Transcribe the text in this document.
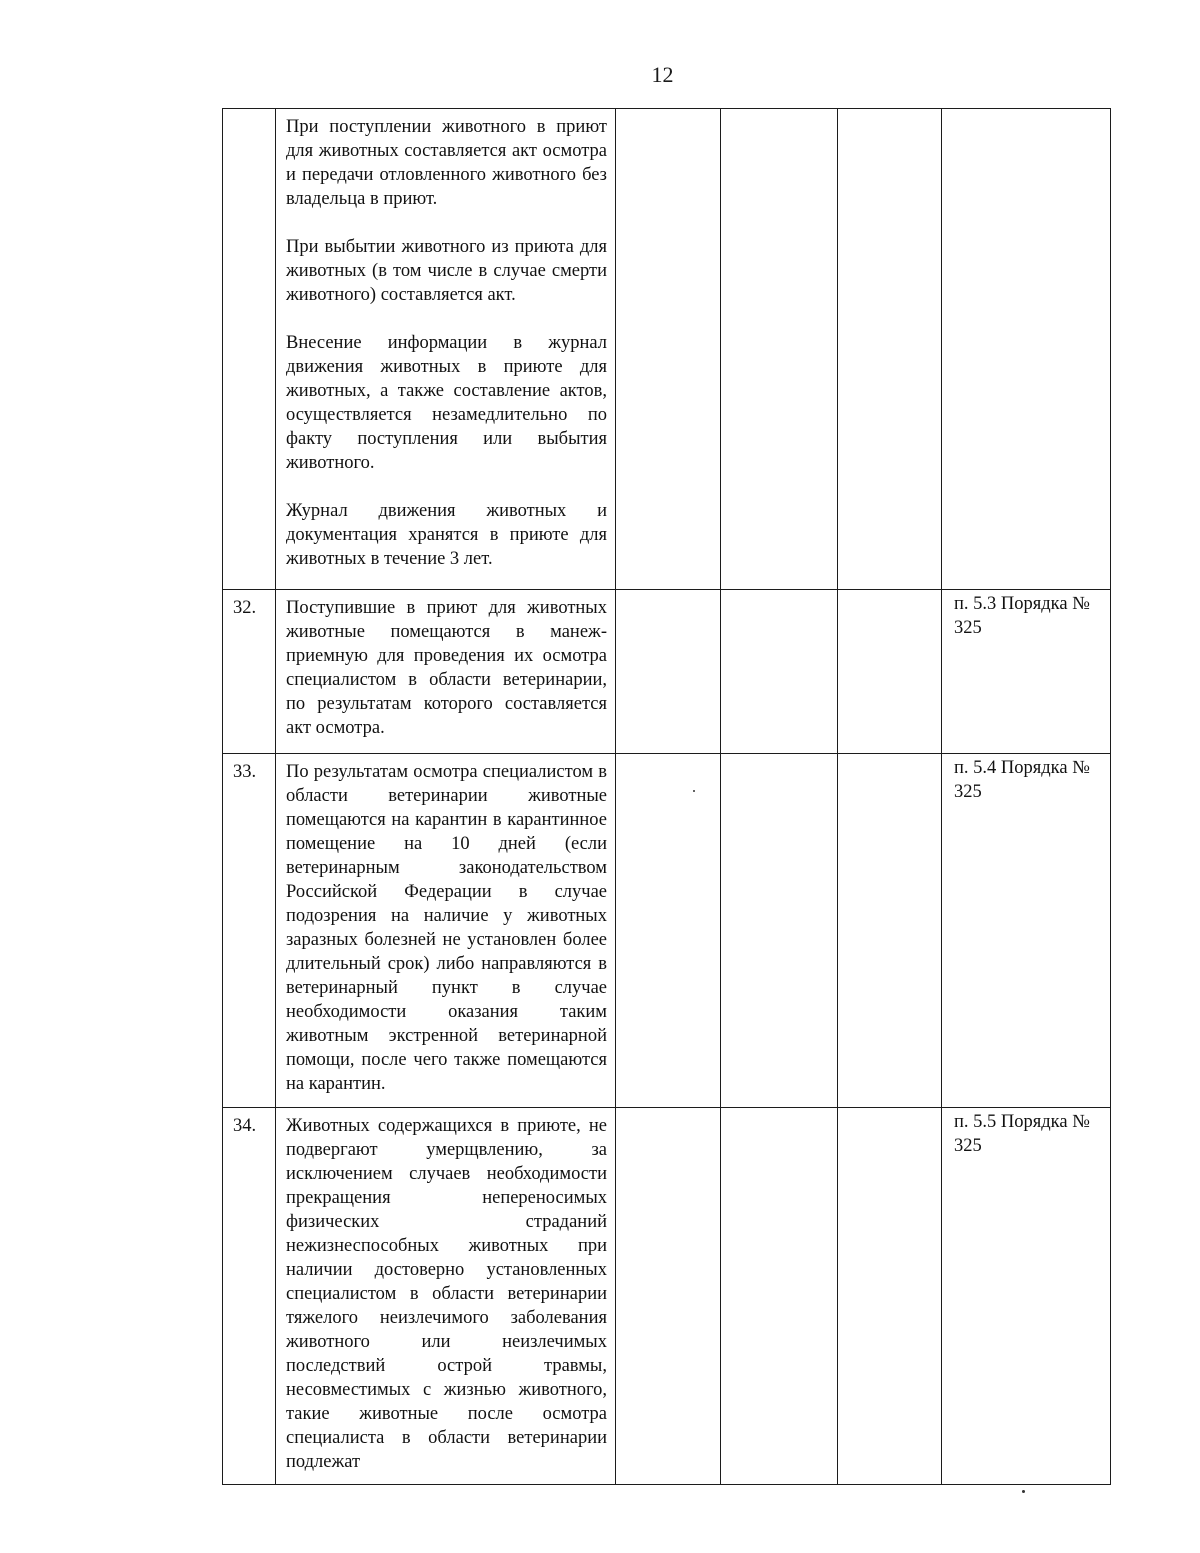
12

	При поступлении животного в приют для животных составляется акт осмотра и передачи отловленного животного без владельца в приют.

При выбытии животного из приюта для животных (в том числе в случае смерти животного) составляется акт.

Внесение информации в журнал движения животных в приюте для животных, а также составление актов, осуществляется незамедлительно по факту поступления или выбытия животного.

Журнал движения животных и документация хранятся в приюте для животных в течение 3 лет.				

32.	Поступившие в приют для животных животные помещаются в манеж-приемную для проведения их осмотра специалистом в области ветеринарии, по результатам которого составляется акт осмотра.				п. 5.3 Порядка № 325
33.	По результатам осмотра специалистом в области ветеринарии животные помещаются на карантин в карантинное помещение на 10 дней (если ветеринарным законодательством Российской Федерации в случае подозрения на наличие у животных заразных болезней не установлен более длительный срок) либо направляются в ветеринарный пункт в случае необходимости оказания таким животным экстренной ветеринарной помощи, после чего также помещаются на карантин.				п. 5.4 Порядка № 325
34.	Животных содержащихся в приюте, не подвергают умерщвлению, за исключением случаев необходимости прекращения непереносимых физических страданий нежизнеспособных животных при наличии достоверно установленных специалистом в области ветеринарии тяжелого неизлечимого заболевания животного или неизлечимых последствий острой травмы, несовместимых с жизнью животного, такие животные после осмотра специалиста в области ветеринарии подлежат				п. 5.5 Порядка № 325
